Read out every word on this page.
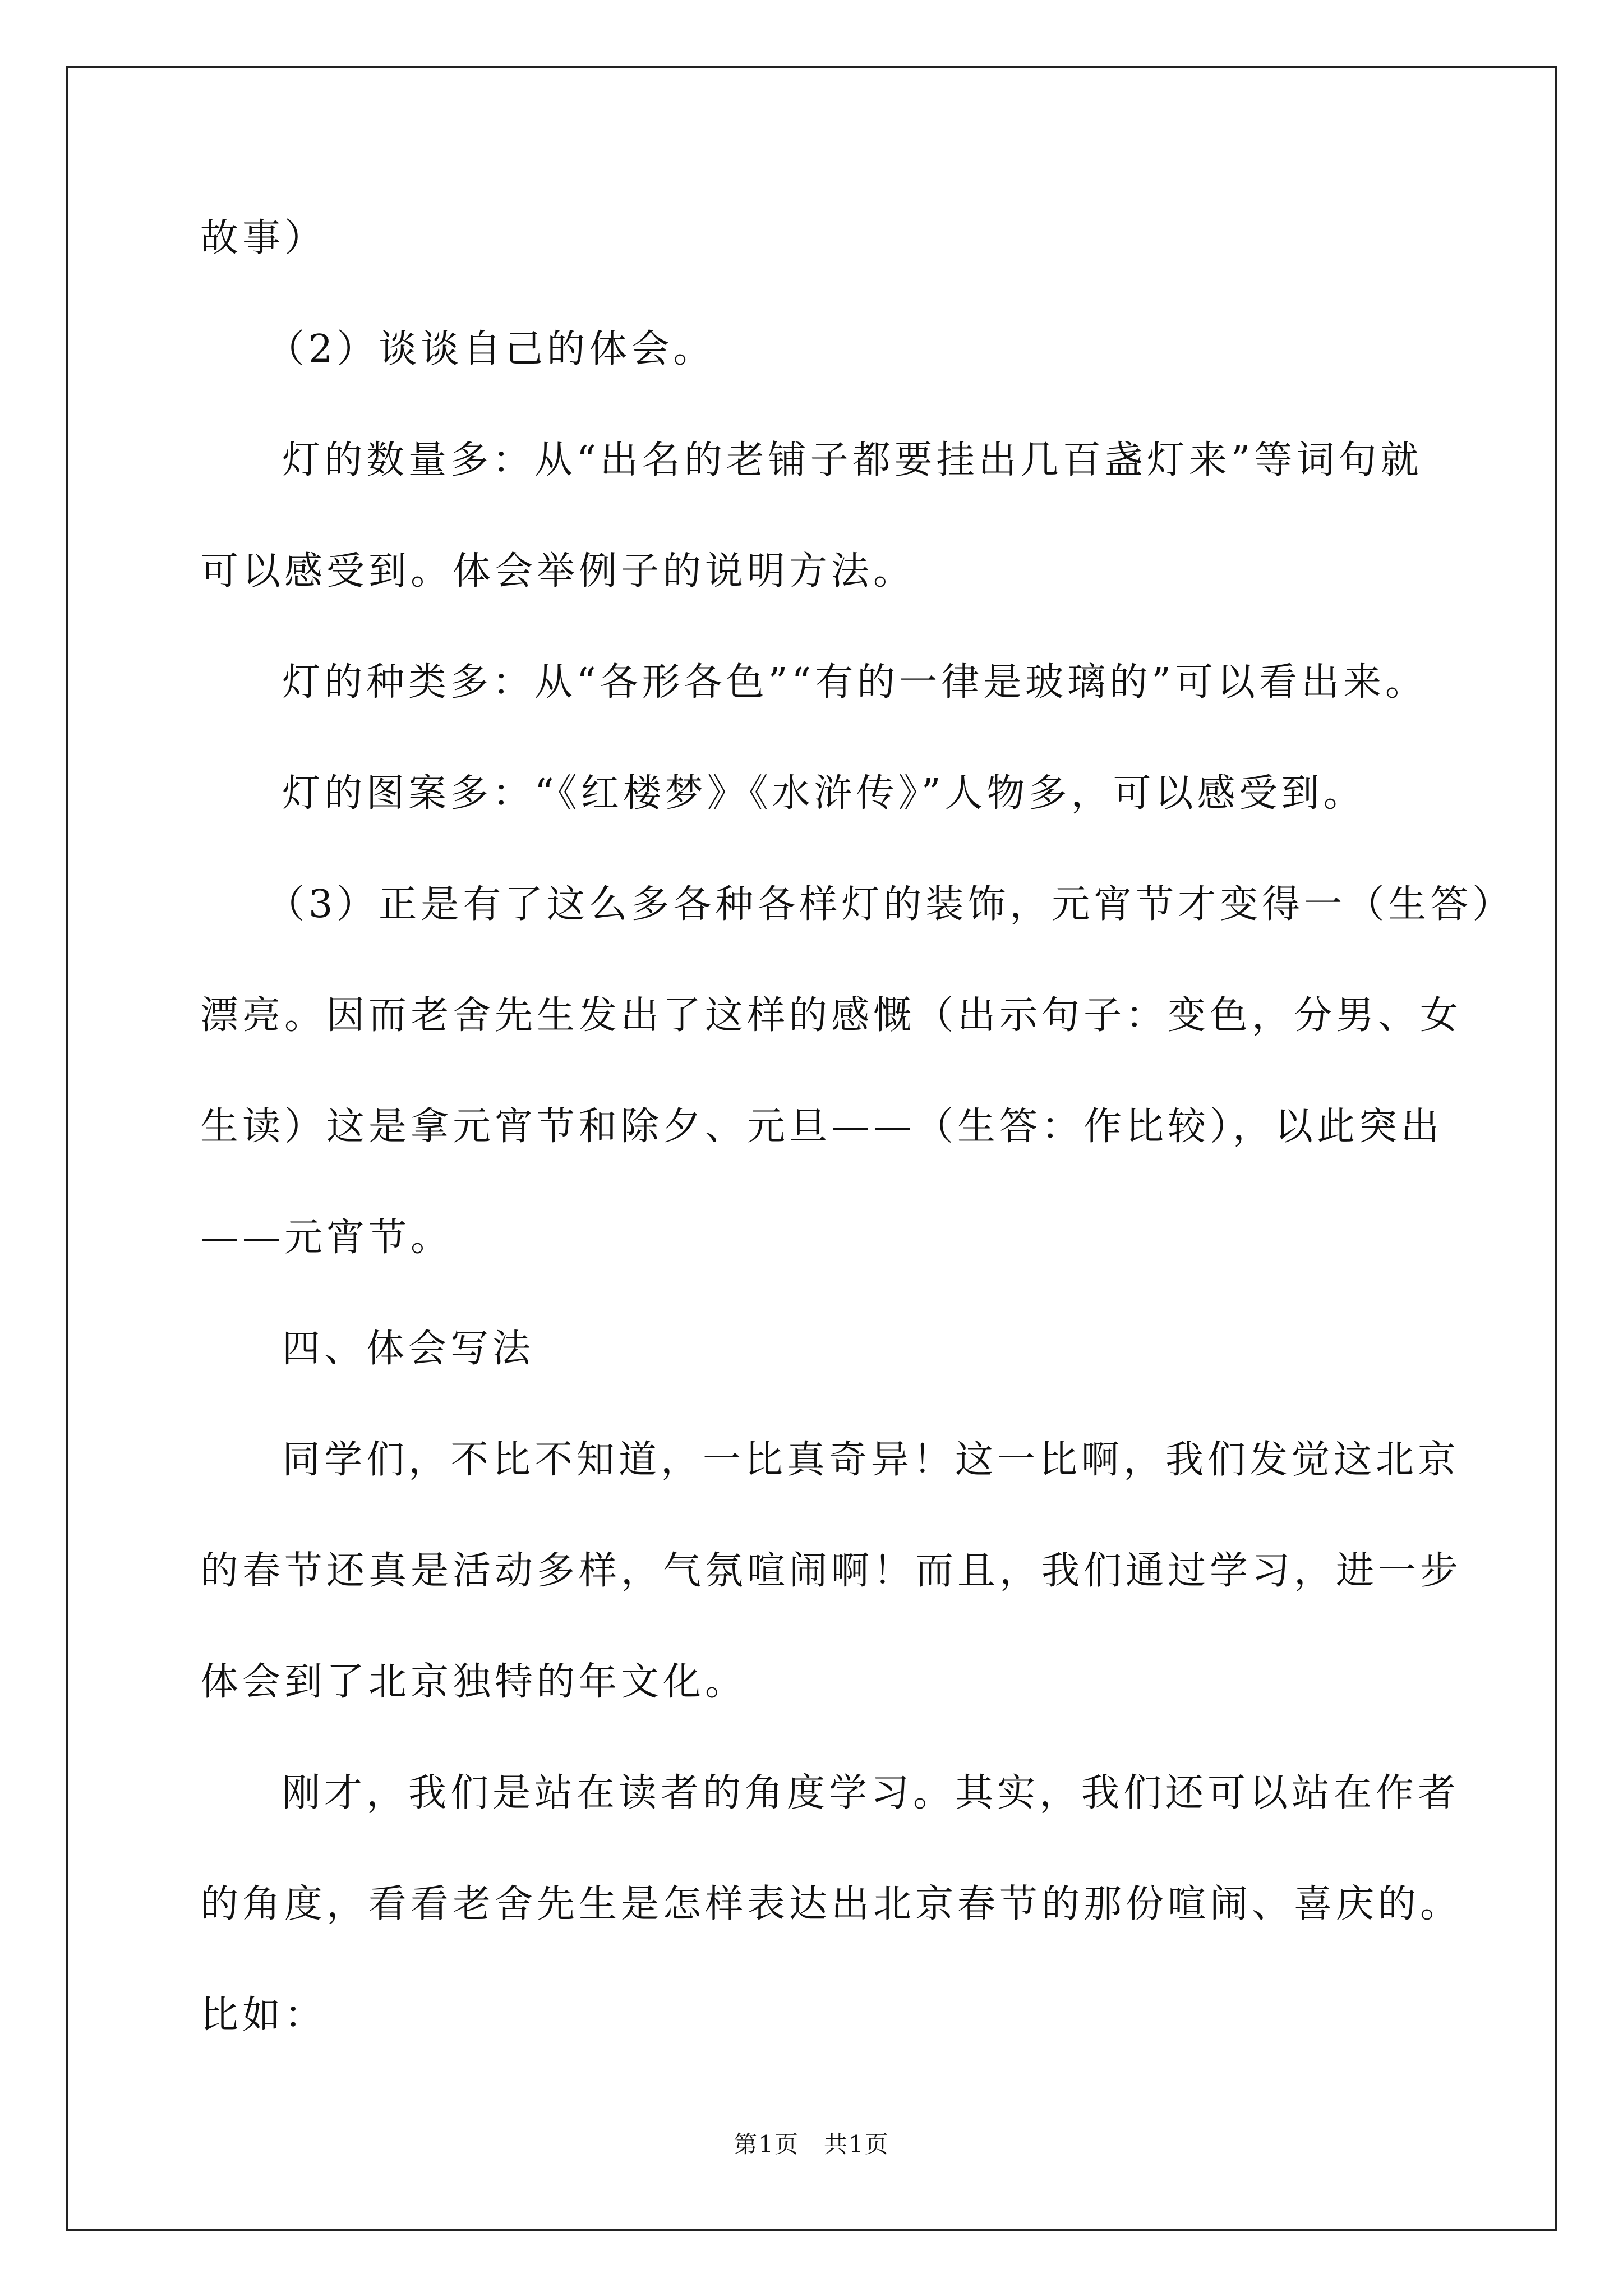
故事）
（2）谈谈自己的体会。
灯的数量多：从“出名的老铺子都要挂出几百盏灯来”等词句就
可以感受到。体会举例子的说明方法。
灯的种类多：从“各形各色”“有的一律是玻璃的”可以看出来。
灯的图案多：“《红楼梦》《水浒传》”人物多，可以感受到。
（3）正是有了这么多各种各样灯的装饰，元宵节才变得一（生答）
漂亮。因而老舍先生发出了这样的感慨（出示句子：变色，分男、女
生读）这是拿元宵节和除夕、元旦——（生答：作比较），以此突出
——元宵节。
四、体会写法
同学们，不比不知道，一比真奇异！这一比啊，我们发觉这北京
的春节还真是活动多样，气氛喧闹啊！而且，我们通过学习，进一步
体会到了北京独特的年文化。
刚才，我们是站在读者的角度学习。其实，我们还可以站在作者
的角度，看看老舍先生是怎样表达出北京春节的那份喧闹、喜庆的。
比如：
第1页　共1页
